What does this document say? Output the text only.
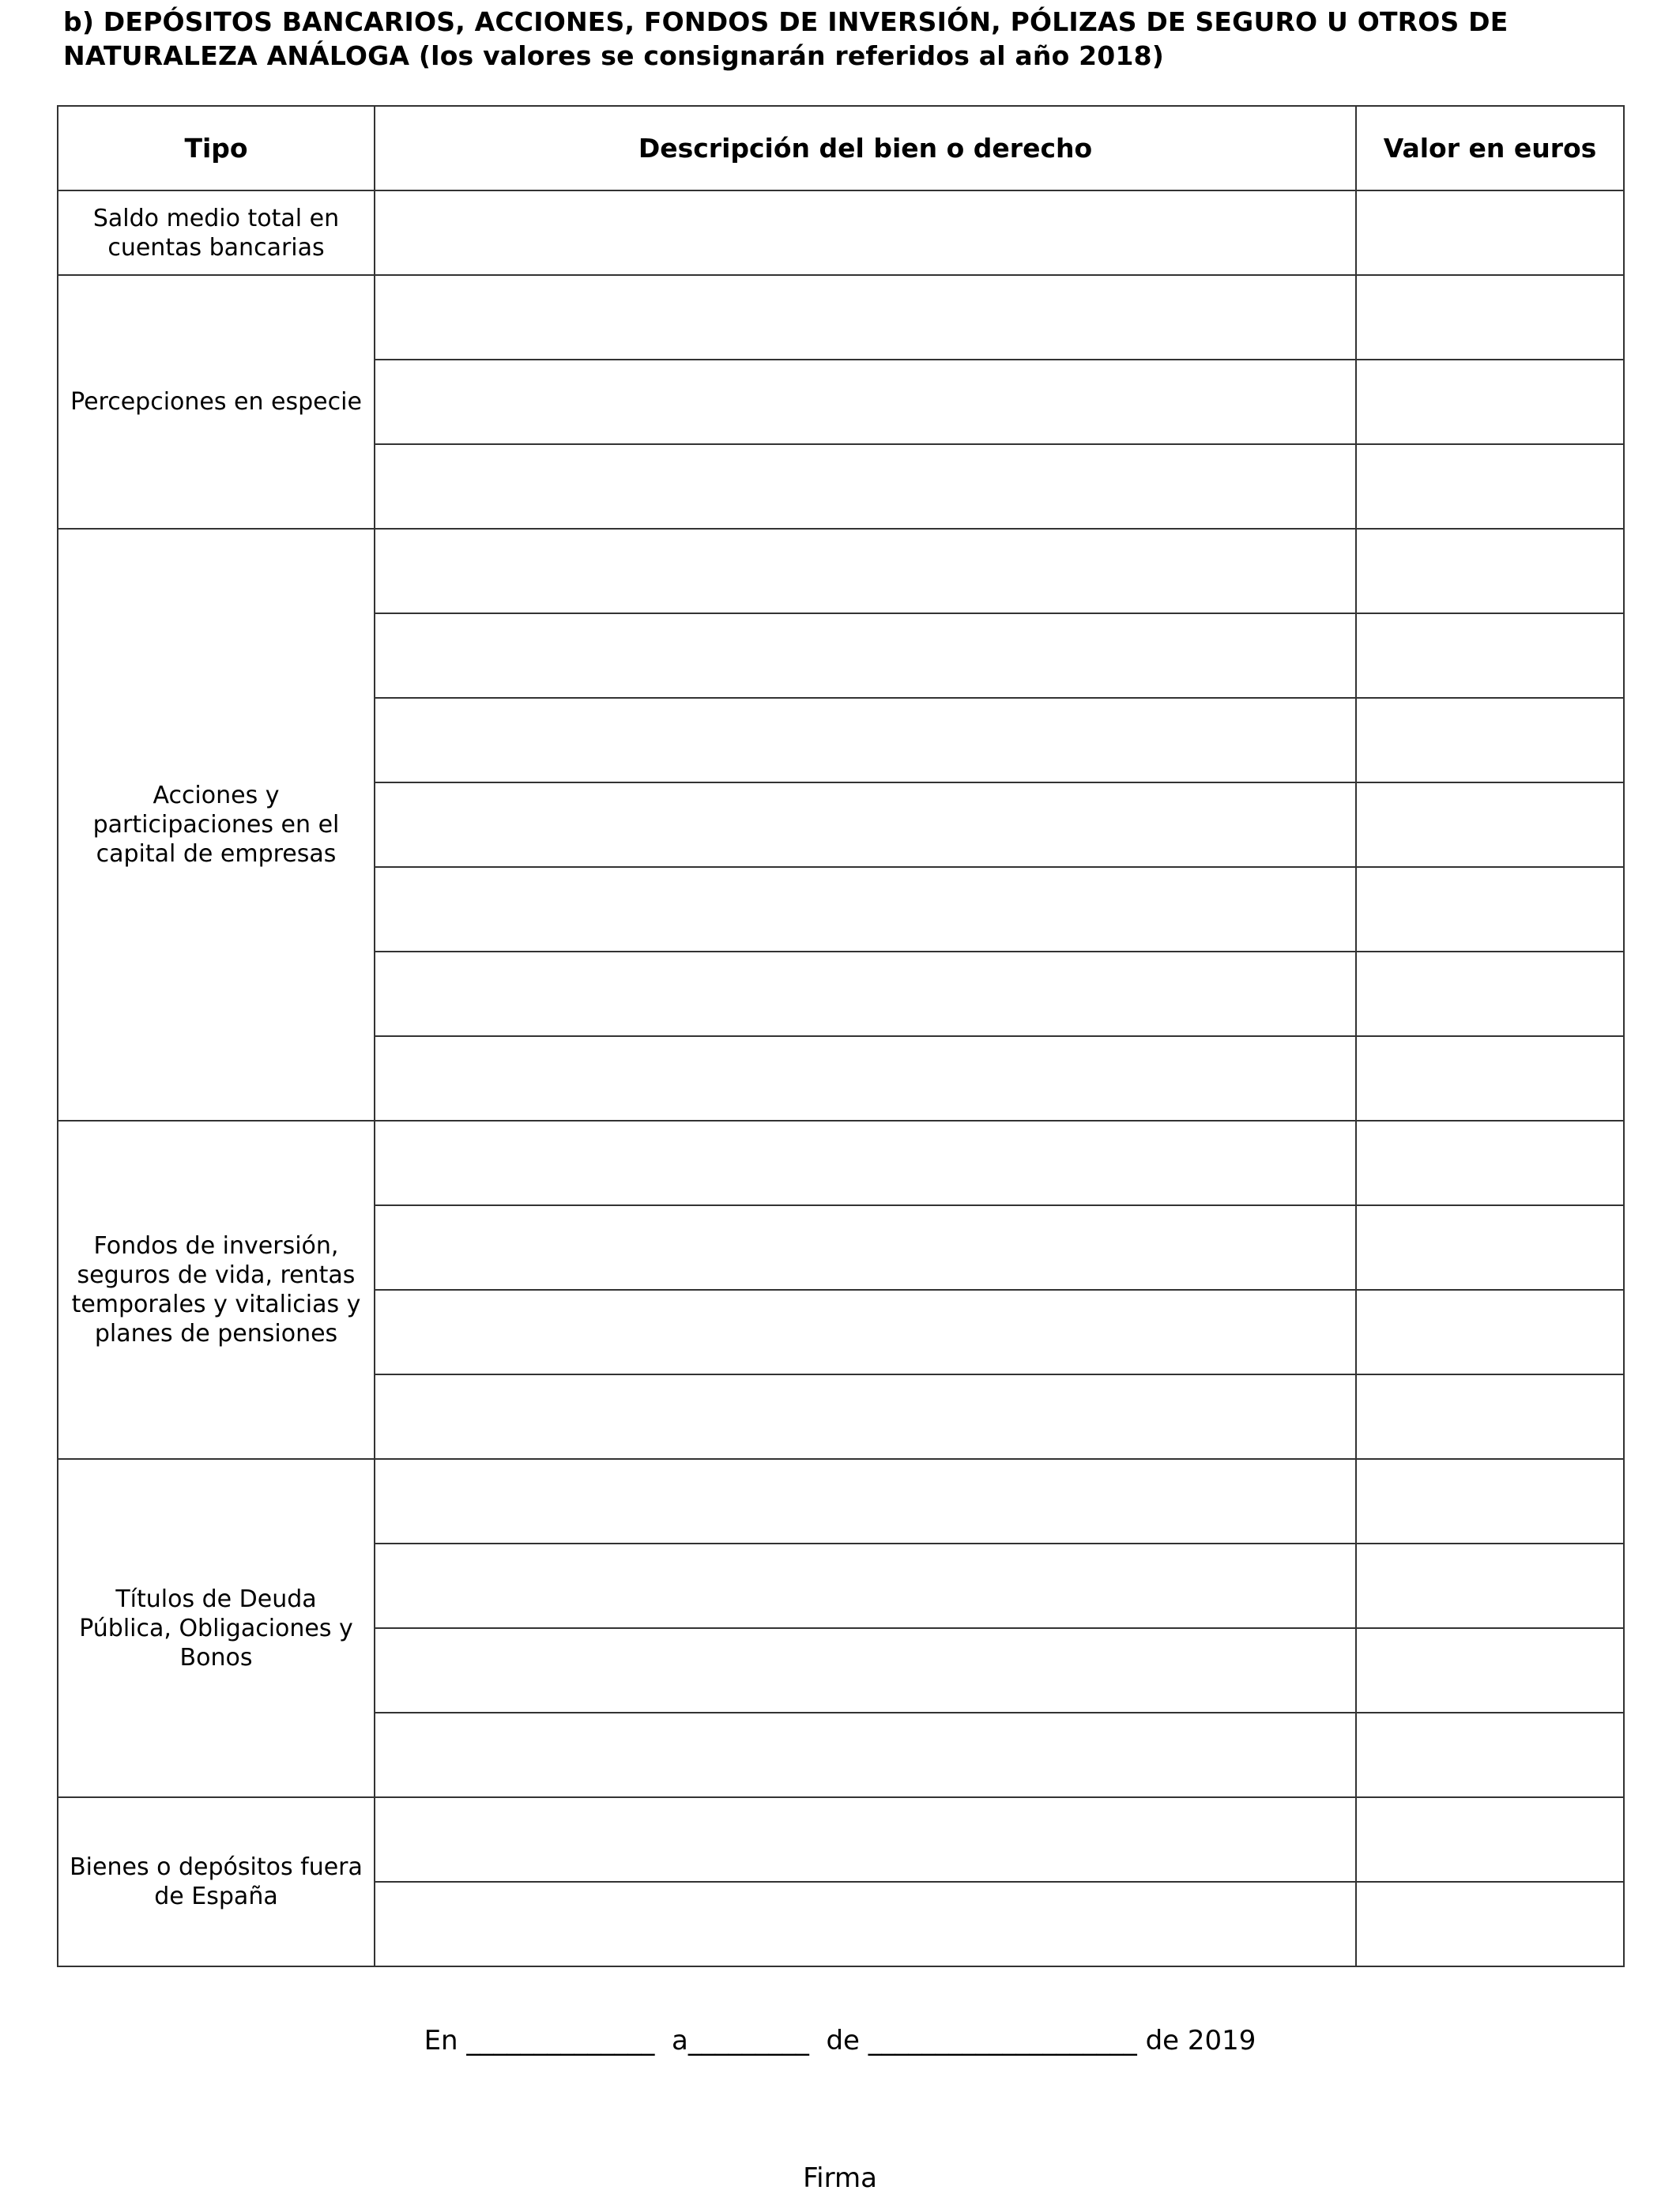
b) DEPÓSITOS BANCARIOS, ACCIONES, FONDOS DE INVERSIÓN, PÓLIZAS DE SEGURO U OTROS DE
NATURALEZA ANÁLOGA (los valores se consignarán referidos al año 2018)
Tipo	Descripción del bien o derecho	Valor en euros
Saldo medio total en cuentas bancarias		
Percepciones en especie		

Acciones y participaciones en el capital de empresas		

Fondos de inversión, seguros de vida, rentas temporales y vitalicias y planes de pensiones		

Títulos de Deuda Pública, Obligaciones y Bonos		

Bienes o depósitos fuera de España		

En ______________  a_________  de ____________________ de 2019
Firma
